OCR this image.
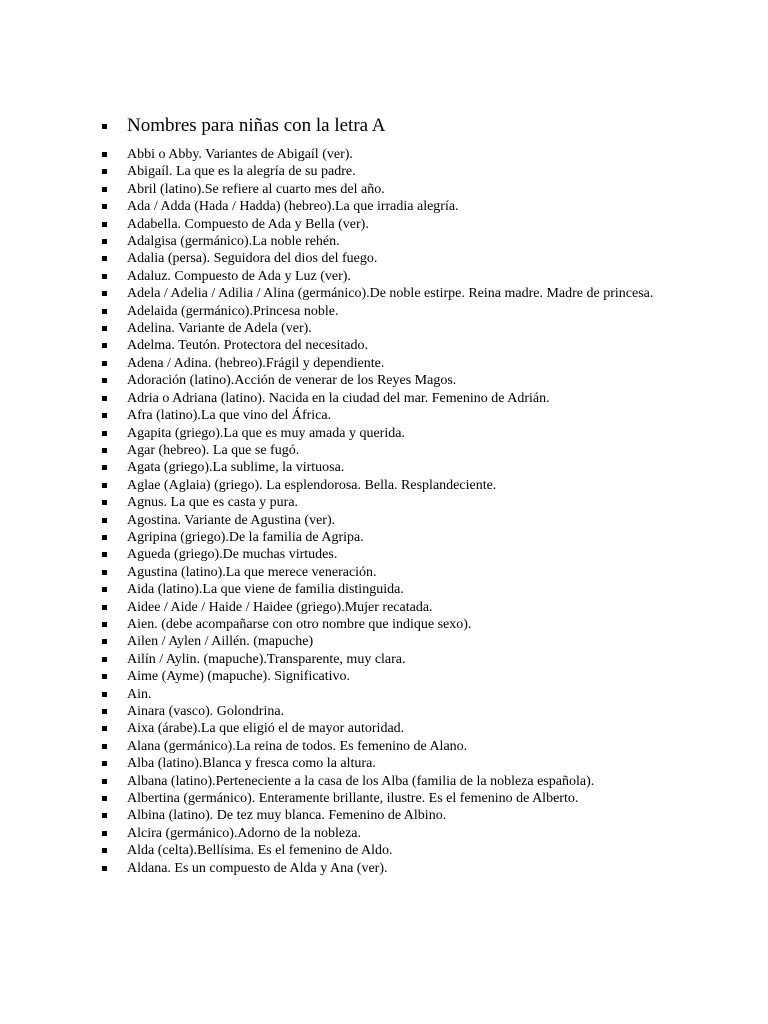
Nombres para niñas con la letra A
Abbi o Abby. Variantes de Abigaíl (ver).
Abigaíl. La que es la alegría de su padre.
Abril (latino).Se refiere al cuarto mes del año.
Ada / Adda (Hada / Hadda) (hebreo).La que irradia alegría.
Adabella. Compuesto de Ada y Bella (ver).
Adalgisa (germánico).La noble rehén.
Adalia (persa). Seguidora del dios del fuego.
Adaluz. Compuesto de Ada y Luz (ver).
Adela / Adelia / Adilia / Alina (germánico).De noble estirpe. Reina madre. Madre de princesa.
Adelaida (germánico).Princesa noble.
Adelina. Variante de Adela (ver).
Adelma. Teutón. Protectora del necesitado.
Adena / Adina. (hebreo).Frágil y dependiente.
Adoración (latino).Acción de venerar de los Reyes Magos.
Adria o Adriana (latino). Nacida en la ciudad del mar. Femenino de Adrián.
Afra (latino).La que vino del África.
Agapita (griego).La que es muy amada y querida.
Agar (hebreo). La que se fugó.
Agata (griego).La sublime, la virtuosa.
Aglae (Aglaia) (griego). La esplendorosa. Bella. Resplandeciente.
Agnus. La que es casta y pura.
Agostina. Variante de Agustina (ver).
Agripina (griego).De la familia de Agripa.
Agueda (griego).De muchas virtudes.
Agustina (latino).La que merece veneración.
Aida (latino).La que viene de familia distinguida.
Aidee / Aide / Haide / Haidee (griego).Mujer recatada.
Aien. (debe acompañarse con otro nombre que indique sexo).
Ailen / Aylen / Aillén. (mapuche)
Ailín / Aylin. (mapuche).Transparente, muy clara.
Aime (Ayme) (mapuche). Significativo.
Ain.
Ainara (vasco). Golondrina.
Aixa (árabe).La que eligió el de mayor autoridad.
Alana (germánico).La reina de todos. Es femenino de Alano.
Alba (latino).Blanca y fresca como la altura.
Albana (latino).Perteneciente a la casa de los Alba (familia de la nobleza española).
Albertina (germánico). Enteramente brillante, ilustre. Es el femenino de Alberto.
Albina (latino). De tez muy blanca. Femenino de Albino.
Alcira (germánico).Adorno de la nobleza.
Alda (celta).Bellísima. Es el femenino de Aldo.
Aldana. Es un compuesto de Alda y Ana (ver).
